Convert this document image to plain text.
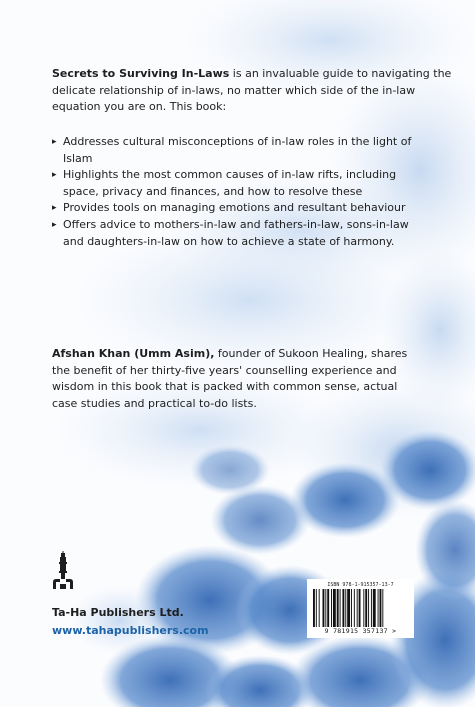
Secrets to Surviving In-Laws is an invaluable guide to navigating the delicate relationship of in-laws, no matter which side of the in-law equation you are on. This book:
▸ Addresses cultural misconceptions of in-law roles in the light of Islam
▸ Highlights the most common causes of in-law rifts, including space, privacy and finances, and how to resolve these
▸ Provides tools on managing emotions and resultant behaviour
▸ Offers advice to mothers-in-law and fathers-in-law, sons-in-law and daughters-in-law on how to achieve a state of harmony.
Afshan Khan (Umm Asim), founder of Sukoon Healing, shares the benefit of her thirty-five years' counselling experience and wisdom in this book that is packed with common sense, actual case studies and practical to-do lists.
Ta-Ha Publishers Ltd.
www.tahapublishers.com
ISBN 978-1-915357-13-7
9 781915 357137 >
